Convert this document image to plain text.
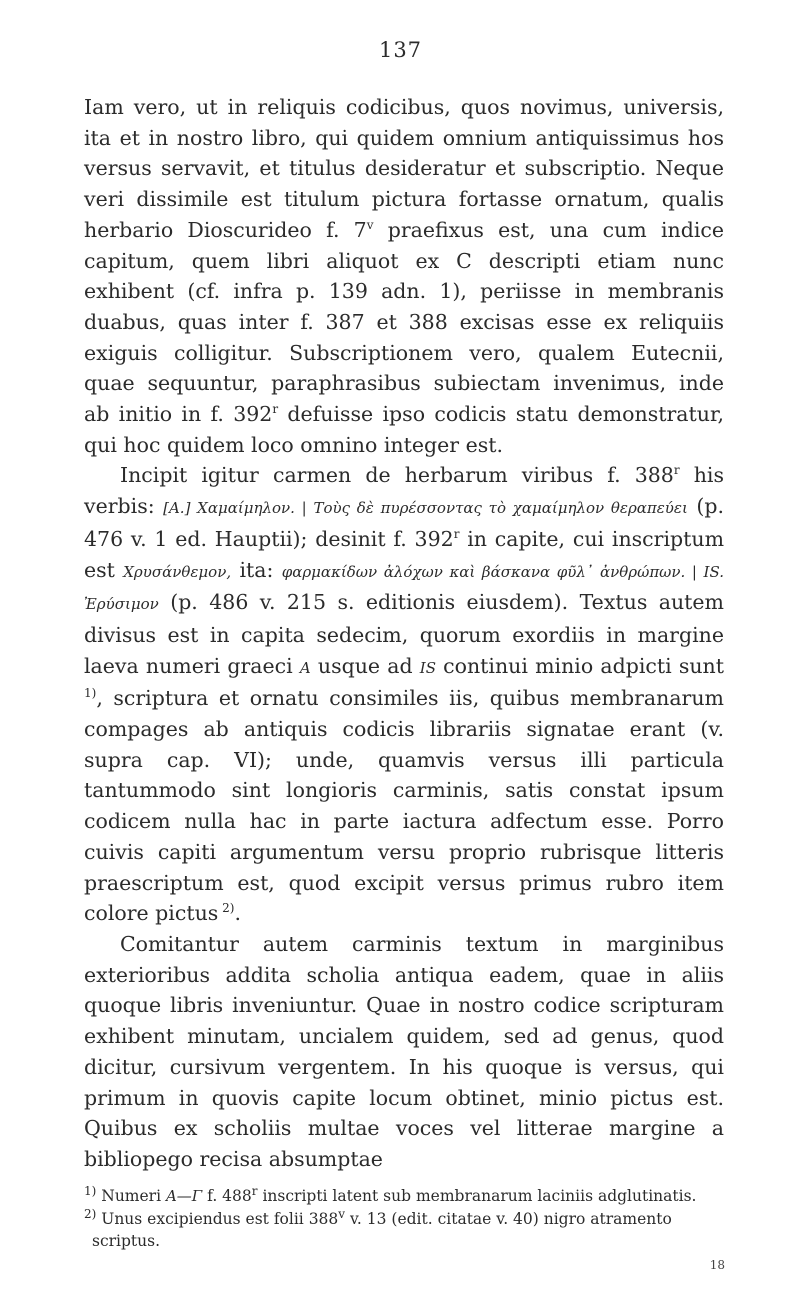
137

Iam vero, ut in reliquis codicibus, quos novimus, universis, ita et in nostro libro, qui quidem omnium antiquissimus hos versus servavit, et titulus desideratur et subscriptio. Neque veri dissimile est titulum pictura fortasse ornatum, qualis herbario Dioscurideo f. 7$^v$ praefixus est, una cum indice capitum, quem libri aliquot ex C descripti etiam nunc exhibent (cf. infra p. 139 adn. 1), periisse in membranis duabus, quas inter f. 387 et 388 excisas esse ex reliquiis exiguis colligitur. Subscriptionem vero, qualem Eutecnii, quae sequuntur, paraphrasibus subiectam invenimus, inde ab initio in f. 392$^r$ defuisse ipso codicis statu demonstratur, qui hoc quidem loco omnino integer est.

Incipit igitur carmen de herbarum viribus f. 388$^r$ his verbis: [A.] Χαμαίμηλον. | Τοὺς δὲ πυρέσσοντας τὸ χαμαίμηλον θεραπεύει (p. 476 v. 1 ed. Hauptii); desinit f. 392$^r$ in capite, cui inscriptum est Χρυσάνθεμον, ita: φαρμακίδων ἀλόχων καὶ βάσκανα φῦλ᾽ ἀνθρώπων. | ΙS. Ἐρύσιμον (p. 486 v. 215 s. editionis eiusdem). Textus autem divisus est in capita sedecim, quorum exordiis in margine laeva numeri graeci A usque ad IS continui minio adpicti sunt $^{1)}$, scriptura et ornatu consimiles iis, quibus membranarum compages ab antiquis codicis librariis signatae erant (v. supra cap. VI); unde, quamvis versus illi particula tantummodo sint longioris carminis, satis constat ipsum codicem nulla hac in parte iactura adfectum esse. Porro cuivis capiti argumentum versu proprio rubrisque litteris praescriptum est, quod excipit versus primus rubro item colore pictus $^{2)}$.

Comitantur autem carminis textum in marginibus exterioribus addita scholia antiqua eadem, quae in aliis quoque libris inveniuntur. Quae in nostro codice scripturam exhibent minutam, uncialem quidem, sed ad genus, quod dicitur, cursivum vergentem. In his quoque is versus, qui primum in quovis capite locum obtinet, minio pictus est. Quibus ex scholiis multae voces vel litterae margine a bibliopego recisa absumptae

$^{1)}$ Numeri A—Γ f. 488$^r$ inscripti latent sub membranarum laciniis adglutinatis.

$^{2)}$ Unus excipiendus est folii 388$^v$ v. 13 (edit. citatae v. 40) nigro atramento scriptus.

18
